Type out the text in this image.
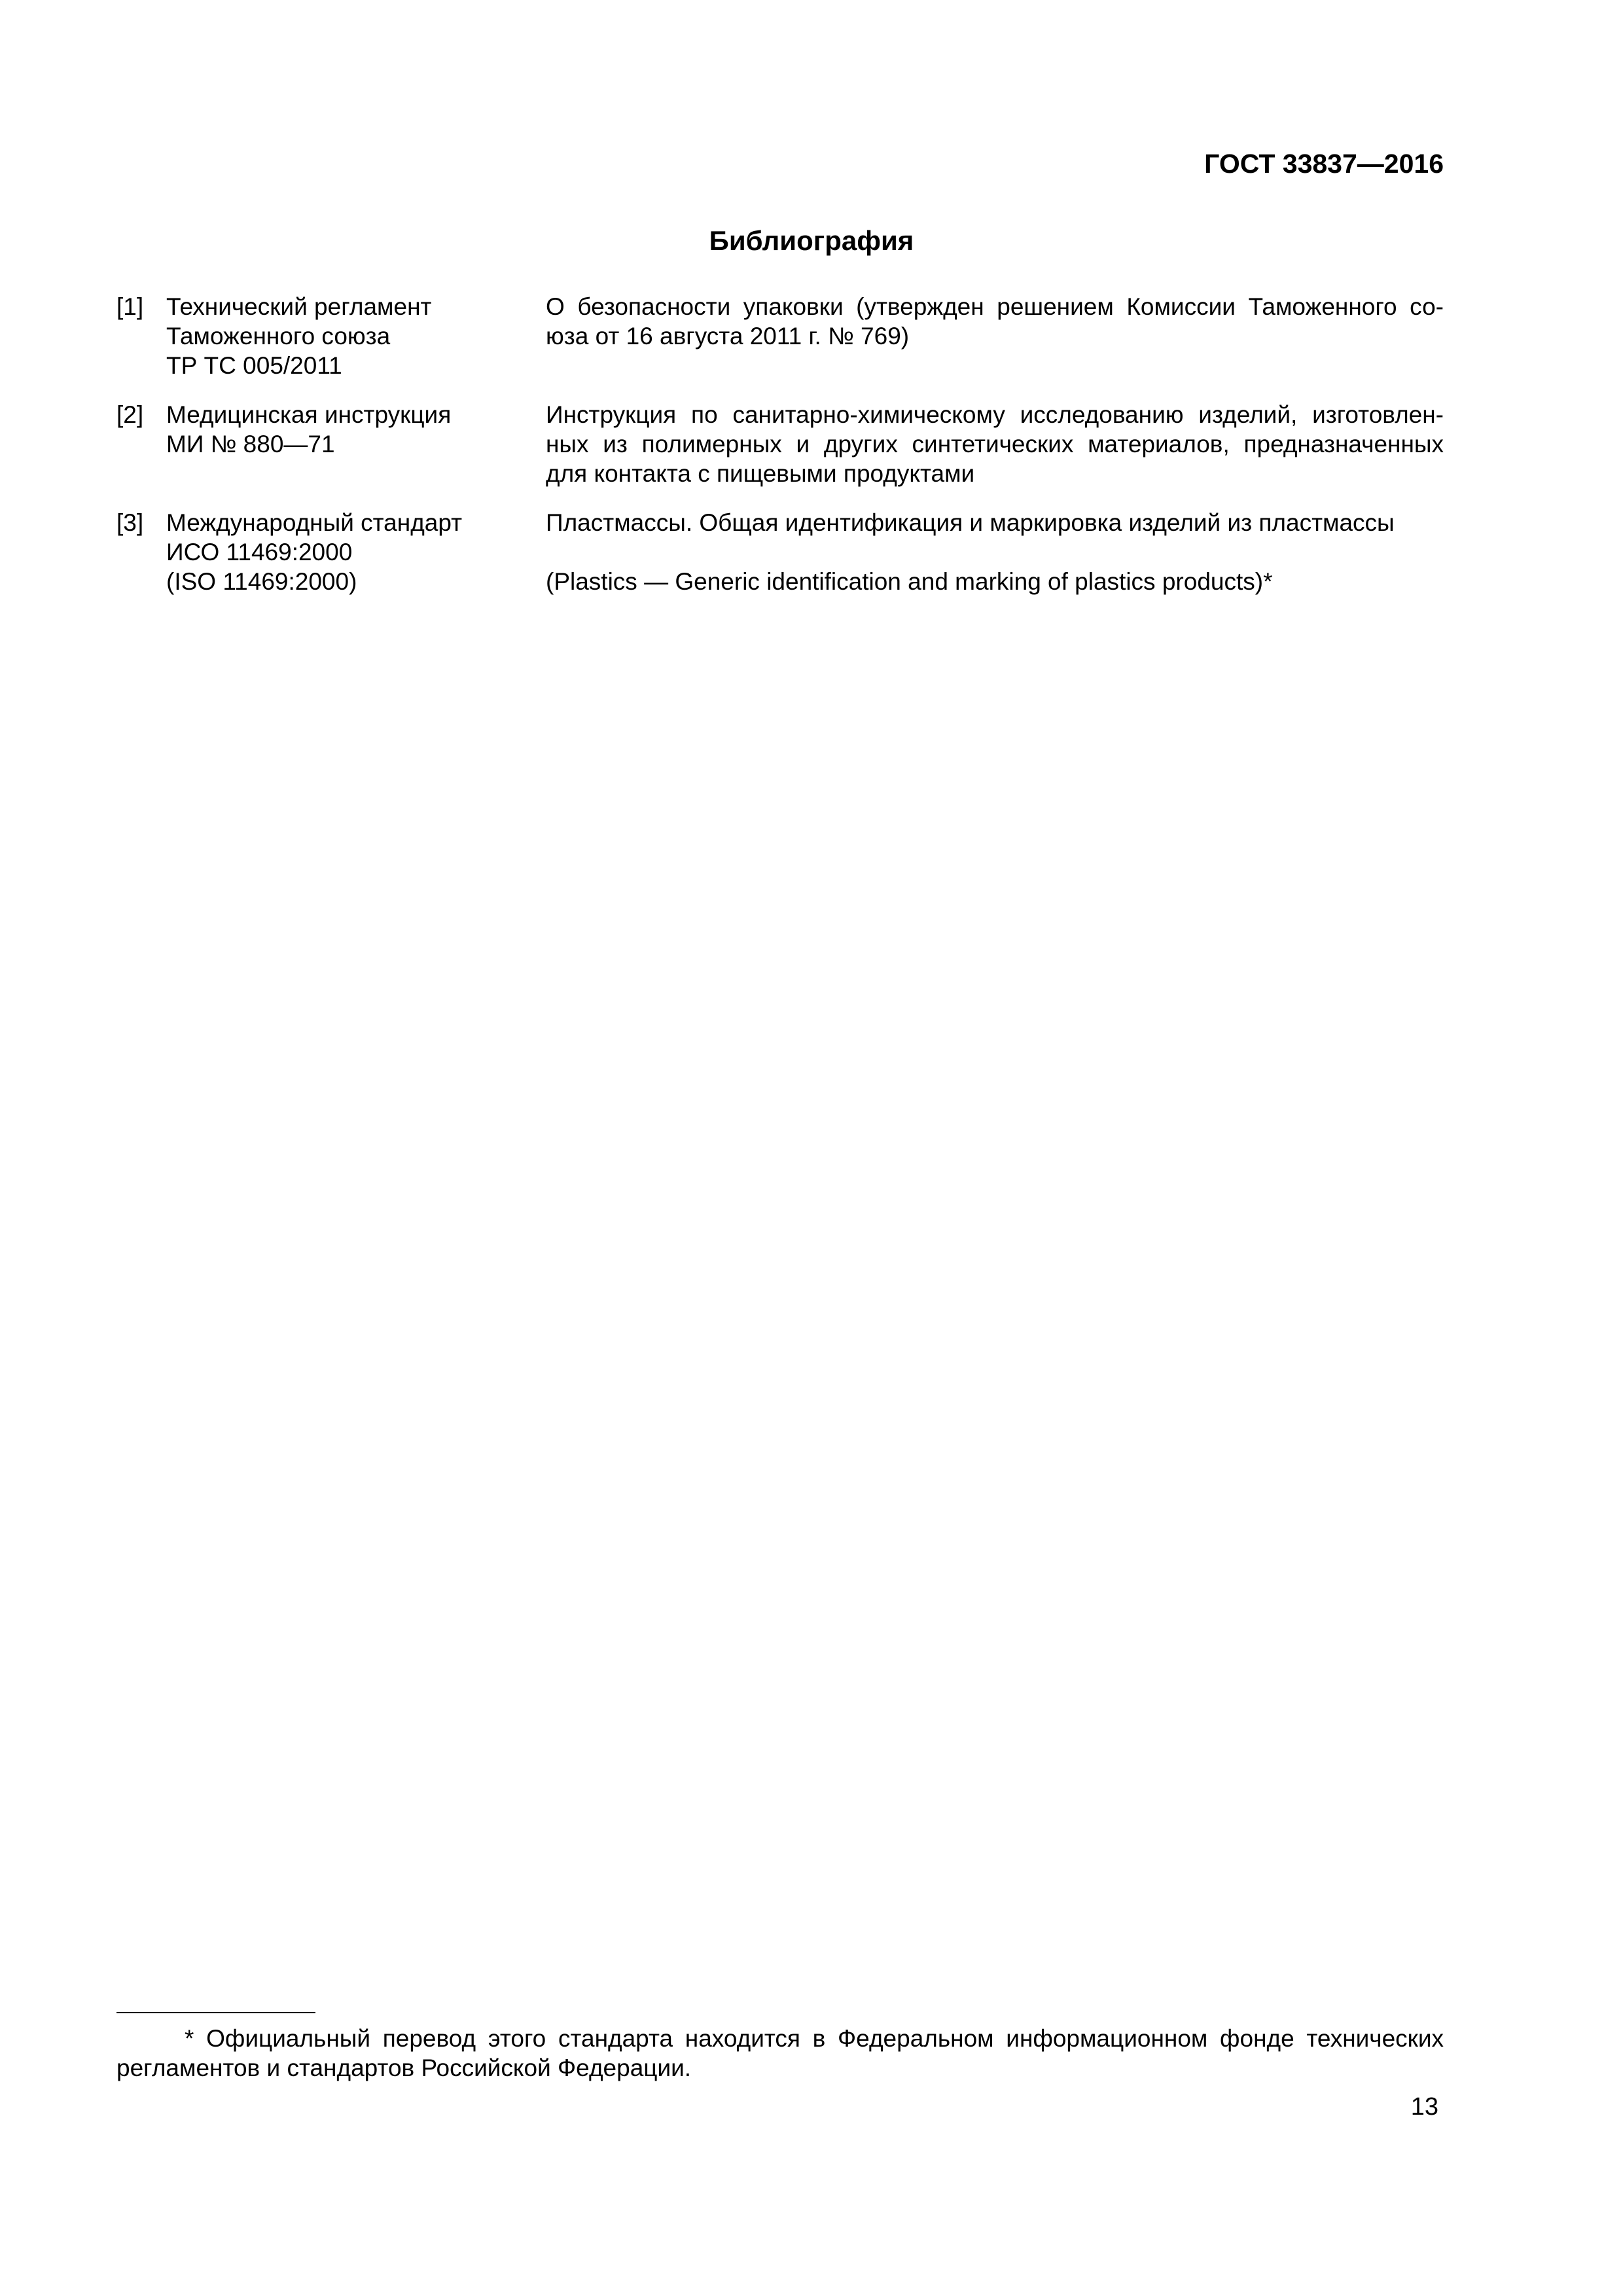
ГОСТ 33837—2016
Библиография
[1] Технический регламент
Таможенного союза
ТР ТС 005/2011
О безопасности упаковки (утвержден решением Комиссии Таможенного со-
юза от 16 августа 2011 г. № 769)
[2] Медицинская инструкция
МИ № 880—71
Инструкция по санитарно-химическому исследованию изделий, изготовлен-
ных из полимерных и других синтетических материалов, предназначенных
для контакта с пищевыми продуктами
[3] Международный стандарт
ИСО 11469:2000
(ISO 11469:2000)
Пластмассы. Общая идентификация и маркировка изделий из пластмассы
(Plastics — Generic identification and marking of plastics products)*
* Официальный перевод этого стандарта находится в Федеральном информационном фонде технических
регламентов и стандартов Российской Федерации.
13
